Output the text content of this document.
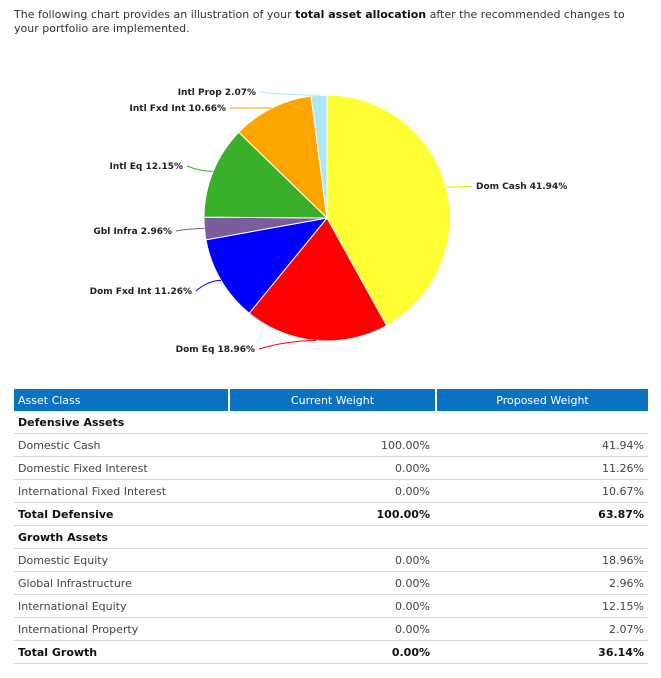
The following chart provides an illustration of your total asset allocation after the recommended changes to your portfolio are implemented.
Dom Cash 41.94%
Dom Eq 18.96%
Dom Fxd Int 11.26%
Gbl Infra 2.96%
Intl Eq 12.15%
Intl Fxd Int 10.66%
Intl Prop 2.07%
Asset Class	Current Weight	Proposed Weight
Defensive Assets		
Domestic Cash	100.00%	41.94%
Domestic Fixed Interest	0.00%	11.26%
International Fixed Interest	0.00%	10.67%
Total Defensive	100.00%	63.87%
Growth Assets		
Domestic Equity	0.00%	18.96%
Global Infrastructure	0.00%	2.96%
International Equity	0.00%	12.15%
International Property	0.00%	2.07%
Total Growth	0.00%	36.14%
